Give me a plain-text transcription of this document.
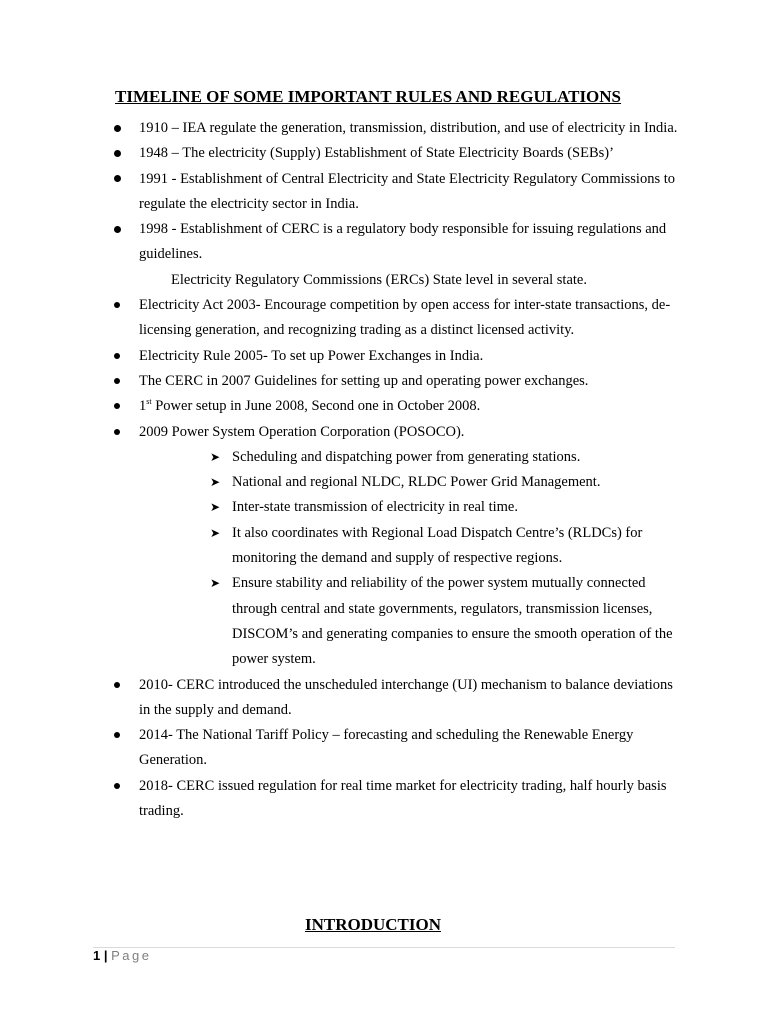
TIMELINE OF SOME IMPORTANT RULES AND REGULATIONS
1910 – IEA regulate the generation, transmission, distribution, and use of electricity in India.
1948 – The electricity (Supply) Establishment of State Electricity Boards (SEBs)’
1991 - Establishment of Central Electricity and State Electricity Regulatory Commissions to regulate the electricity sector in India.
1998 - Establishment of CERC is a regulatory body responsible for issuing regulations and guidelines.
Electricity Regulatory Commissions (ERCs) State level in several state.
Electricity Act 2003- Encourage competition by open access for inter-state transactions, de-licensing generation, and recognizing trading as a distinct licensed activity.
Electricity Rule 2005- To set up Power Exchanges in India.
The CERC in 2007 Guidelines for setting up and operating power exchanges.
1st Power setup in June 2008, Second one in October 2008.
2009 Power System Operation Corporation (POSOCO).
➤ Scheduling and dispatching power from generating stations.
➤ National and regional NLDC, RLDC Power Grid Management.
➤ Inter-state transmission of electricity in real time.
➤ It also coordinates with Regional Load Dispatch Centre’s (RLDCs) for monitoring the demand and supply of respective regions.
➤ Ensure stability and reliability of the power system mutually connected through central and state governments, regulators, transmission licenses, DISCOM’s and generating companies to ensure the smooth operation of the power system.
2010- CERC introduced the unscheduled interchange (UI) mechanism to balance deviations in the supply and demand.
2014- The National Tariff Policy – forecasting and scheduling the Renewable Energy Generation.
2018- CERC issued regulation for real time market for electricity trading, half hourly basis trading.
INTRODUCTION
1 | Page
